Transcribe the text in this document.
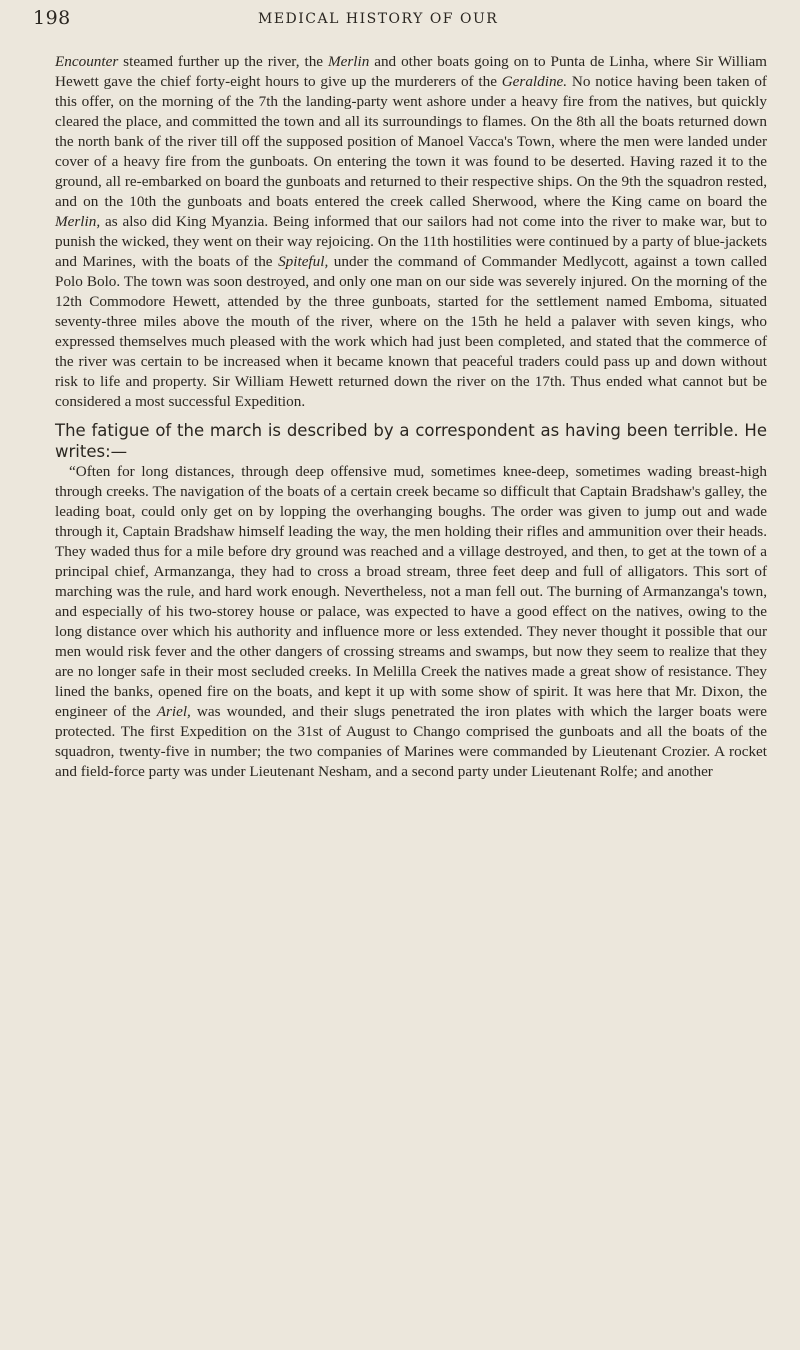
198	MEDICAL HISTORY OF OUR

Encounter steamed further up the river, the Merlin and other boats going on to Punta de Linha, where Sir William Hewett gave the chief forty-eight hours to give up the murderers of the Geraldine. No notice having been taken of this offer, on the morning of the 7th the landing-party went ashore under a heavy fire from the natives, but quickly cleared the place, and committed the town and all its surroundings to flames. On the 8th all the boats returned down the north bank of the river till off the supposed position of Manoel Vacca's Town, where the men were landed under cover of a heavy fire from the gunboats. On entering the town it was found to be deserted. Having razed it to the ground, all re-embarked on board the gunboats and returned to their respective ships. On the 9th the squadron rested, and on the 10th the gunboats and boats entered the creek called Sherwood, where the King came on board the Merlin, as also did King Myanzia. Being informed that our sailors had not come into the river to make war, but to punish the wicked, they went on their way rejoicing. On the 11th hostilities were continued by a party of blue-jackets and Marines, with the boats of the Spiteful, under the command of Commander Medlycott, against a town called Polo Bolo. The town was soon destroyed, and only one man on our side was severely injured. On the morning of the 12th Commodore Hewett, attended by the three gunboats, started for the settlement named Emboma, situated seventy-three miles above the mouth of the river, where on the 15th he held a palaver with seven kings, who expressed themselves much pleased with the work which had just been completed, and stated that the commerce of the river was certain to be increased when it became known that peaceful traders could pass up and down without risk to life and property. Sir William Hewett returned down the river on the 17th. Thus ended what cannot but be considered a most successful Expedition.

The fatigue of the march is described by a correspondent as having been terrible. He writes:—

“Often for long distances, through deep offensive mud, sometimes knee-deep, sometimes wading breast-high through creeks. The navigation of the boats of a certain creek became so difficult that Captain Bradshaw's galley, the leading boat, could only get on by lopping the overhanging boughs. The order was given to jump out and wade through it, Captain Bradshaw himself leading the way, the men holding their rifles and ammunition over their heads. They waded thus for a mile before dry ground was reached and a village destroyed, and then, to get at the town of a principal chief, Armanzanga, they had to cross a broad stream, three feet deep and full of alligators. This sort of marching was the rule, and hard work enough. Nevertheless, not a man fell out. The burning of Armanzanga's town, and especially of his two-storey house or palace, was expected to have a good effect on the natives, owing to the long distance over which his authority and influence more or less extended. They never thought it possible that our men would risk fever and the other dangers of crossing streams and swamps, but now they seem to realize that they are no longer safe in their most secluded creeks. In Melilla Creek the natives made a great show of resistance. They lined the banks, opened fire on the boats, and kept it up with some show of spirit. It was here that Mr. Dixon, the engineer of the Ariel, was wounded, and their slugs penetrated the iron plates with which the larger boats were protected. The first Expedition on the 31st of August to Chango comprised the gunboats and all the boats of the squadron, twenty-five in number; the two companies of Marines were commanded by Lieutenant Crozier. A rocket and field-force party was under Lieutenant Nesham, and a second party under Lieutenant Rolfe; and another
